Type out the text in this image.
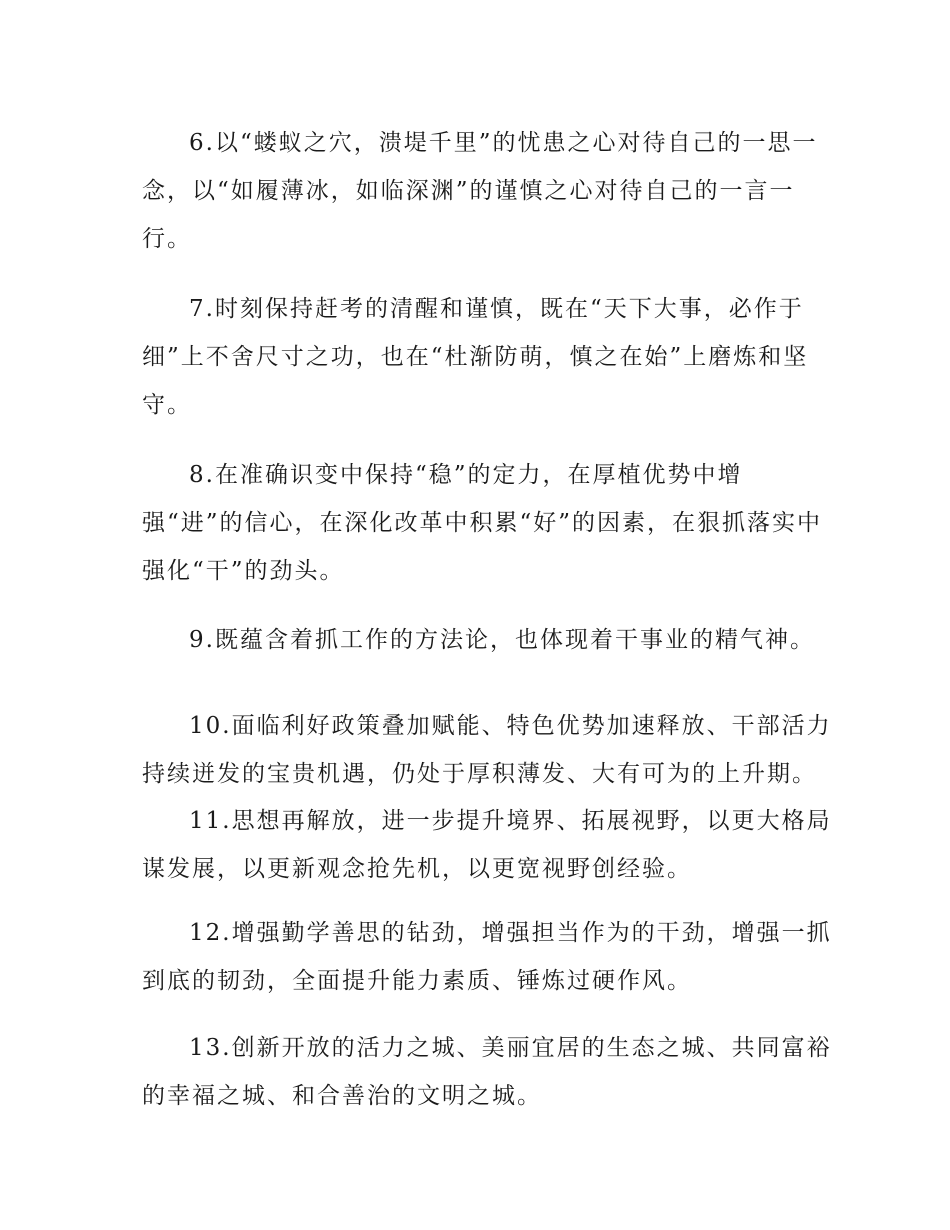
6.以“蝼蚁之穴，溃堤千里”的忧患之心对待自己的一思一念，以“如履薄冰，如临深渊”的谨慎之心对待自己的一言一行。

7.时刻保持赶考的清醒和谨慎，既在“天下大事，必作于细”上不舍尺寸之功，也在“杜渐防萌，慎之在始”上磨炼和坚守。

8.在准确识变中保持“稳”的定力，在厚植优势中增强“进”的信心，在深化改革中积累“好”的因素，在狠抓落实中强化“干”的劲头。

9.既蕴含着抓工作的方法论，也体现着干事业的精气神。

10.面临利好政策叠加赋能、特色优势加速释放、干部活力持续迸发的宝贵机遇，仍处于厚积薄发、大有可为的上升期。

11.思想再解放，进一步提升境界、拓展视野，以更大格局谋发展，以更新观念抢先机，以更宽视野创经验。

12.增强勤学善思的钻劲，增强担当作为的干劲，增强一抓到底的韧劲，全面提升能力素质、锤炼过硬作风。

13.创新开放的活力之城、美丽宜居的生态之城、共同富裕的幸福之城、和合善治的文明之城。
